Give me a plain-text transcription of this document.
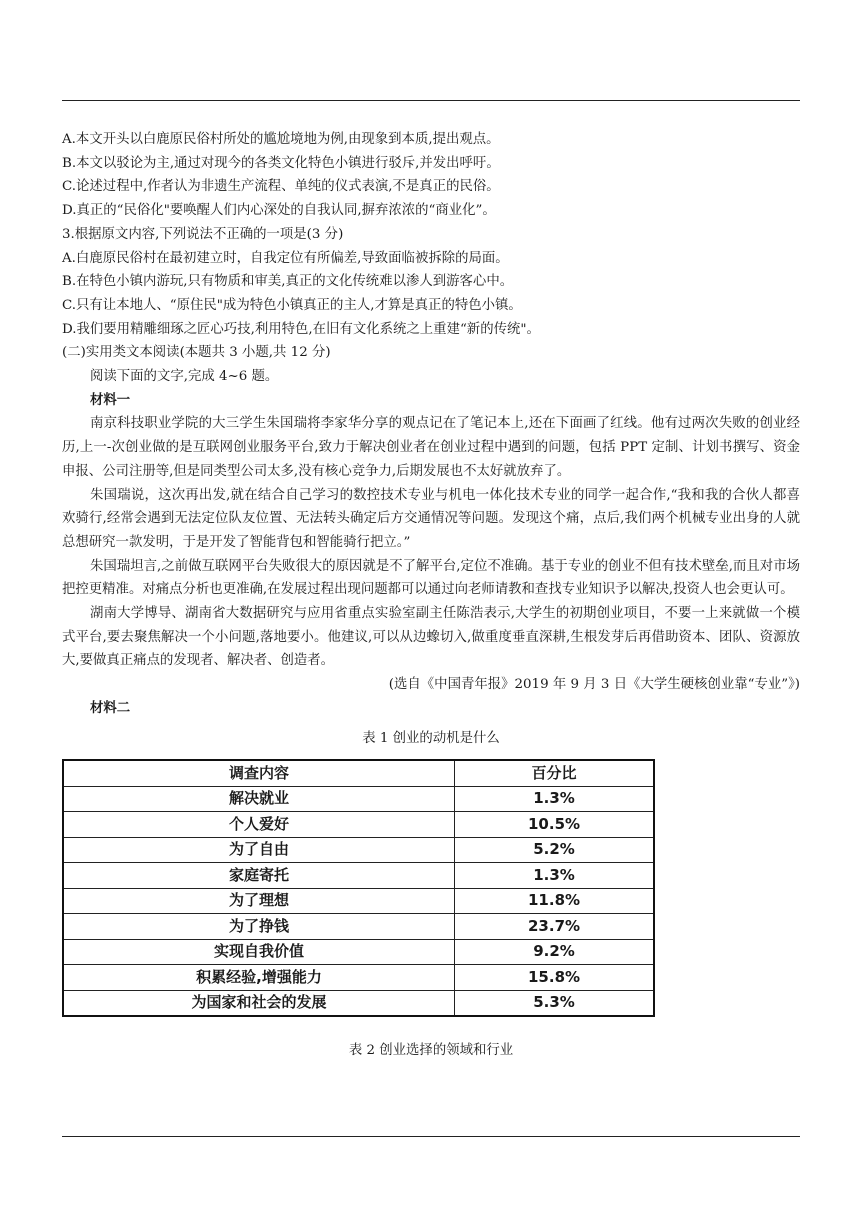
A.本文开头以白鹿原民俗村所处的尴尬境地为例,由现象到本质,提出观点。
B.本文以驳论为主,通过对现今的各类文化特色小镇进行驳斥,并发出呼吁。
C.论述过程中,作者认为非遗生产流程、单纯的仪式表演,不是真正的民俗。
D.真正的“民俗化"要唤醒人们内心深处的自我认同,摒弃浓浓的“商业化”。
3.根据原文内容,下列说法不正确的一项是(3 分)
A.白鹿原民俗村在最初建立时，自我定位有所偏差,导致面临被拆除的局面。
B.在特色小镇内游玩,只有物质和审美,真正的文化传统难以渗人到游客心中。
C.只有让本地人、“原住民"成为特色小镇真正的主人,才算是真正的特色小镇。
D.我们要用精雕细琢之匠心巧技,利用特色,在旧有文化系统之上重建“新的传统"。
(二)实用类文本阅读(本题共 3 小题,共 12 分)
阅读下面的文字,完成 4~6 题。
材料一
南京科技职业学院的大三学生朱国瑞将李家华分享的观点记在了笔记本上,还在下面画了红线。他有过两次失败的创业经历,上一-次创业做的是互联网创业服务平台,致力于解决创业者在创业过程中遇到的问题，包括 PPT 定制、计划书撰写、资金申报、公司注册等,但是同类型公司太多,没有核心竞争力,后期发展也不太好就放弃了。
朱国瑞说，这次再出发,就在结合自己学习的数控技术专业与机电一体化技术专业的同学一起合作,“我和我的合伙人都喜欢骑行,经常会遇到无法定位队友位置、无法转头确定后方交通情况等问题。发现这个痛，点后,我们两个机械专业出身的人就总想研究一款发明，于是开发了智能背包和智能骑行把立。”
朱国瑞坦言,之前做互联网平台失败很大的原因就是不了解平台,定位不准确。基于专业的创业不但有技术壁垒,而且对市场把控更精准。对痛点分析也更准确,在发展过程出现问题都可以通过向老师请教和查找专业知识予以解决,投资人也会更认可。
湖南大学博导、湖南省大数据研究与应用省重点实验室副主任陈浩表示,大学生的初期创业项目，不要一上来就做一个模式平台,要去聚焦解决一个小问题,落地要小。他建议,可以从边蟓切入,做重度垂直深耕,生根发芽后再借助资本、团队、资源放大,要做真正痛点的发现者、解决者、创造者。
(选自《中国青年报》2019 年 9 月 3 日《大学生硬核创业靠“专业”》)
材料二
表 1 创业的动机是什么
调查内容	百分比
解决就业	1.3%
个人爱好	10.5%
为了自由	5.2%
家庭寄托	1.3%
为了理想	11.8%
为了挣钱	23.7%
实现自我价值	9.2%
积累经验,增强能力	15.8%
为国家和社会的发展	5.3%
表 2 创业选择的领域和行业
